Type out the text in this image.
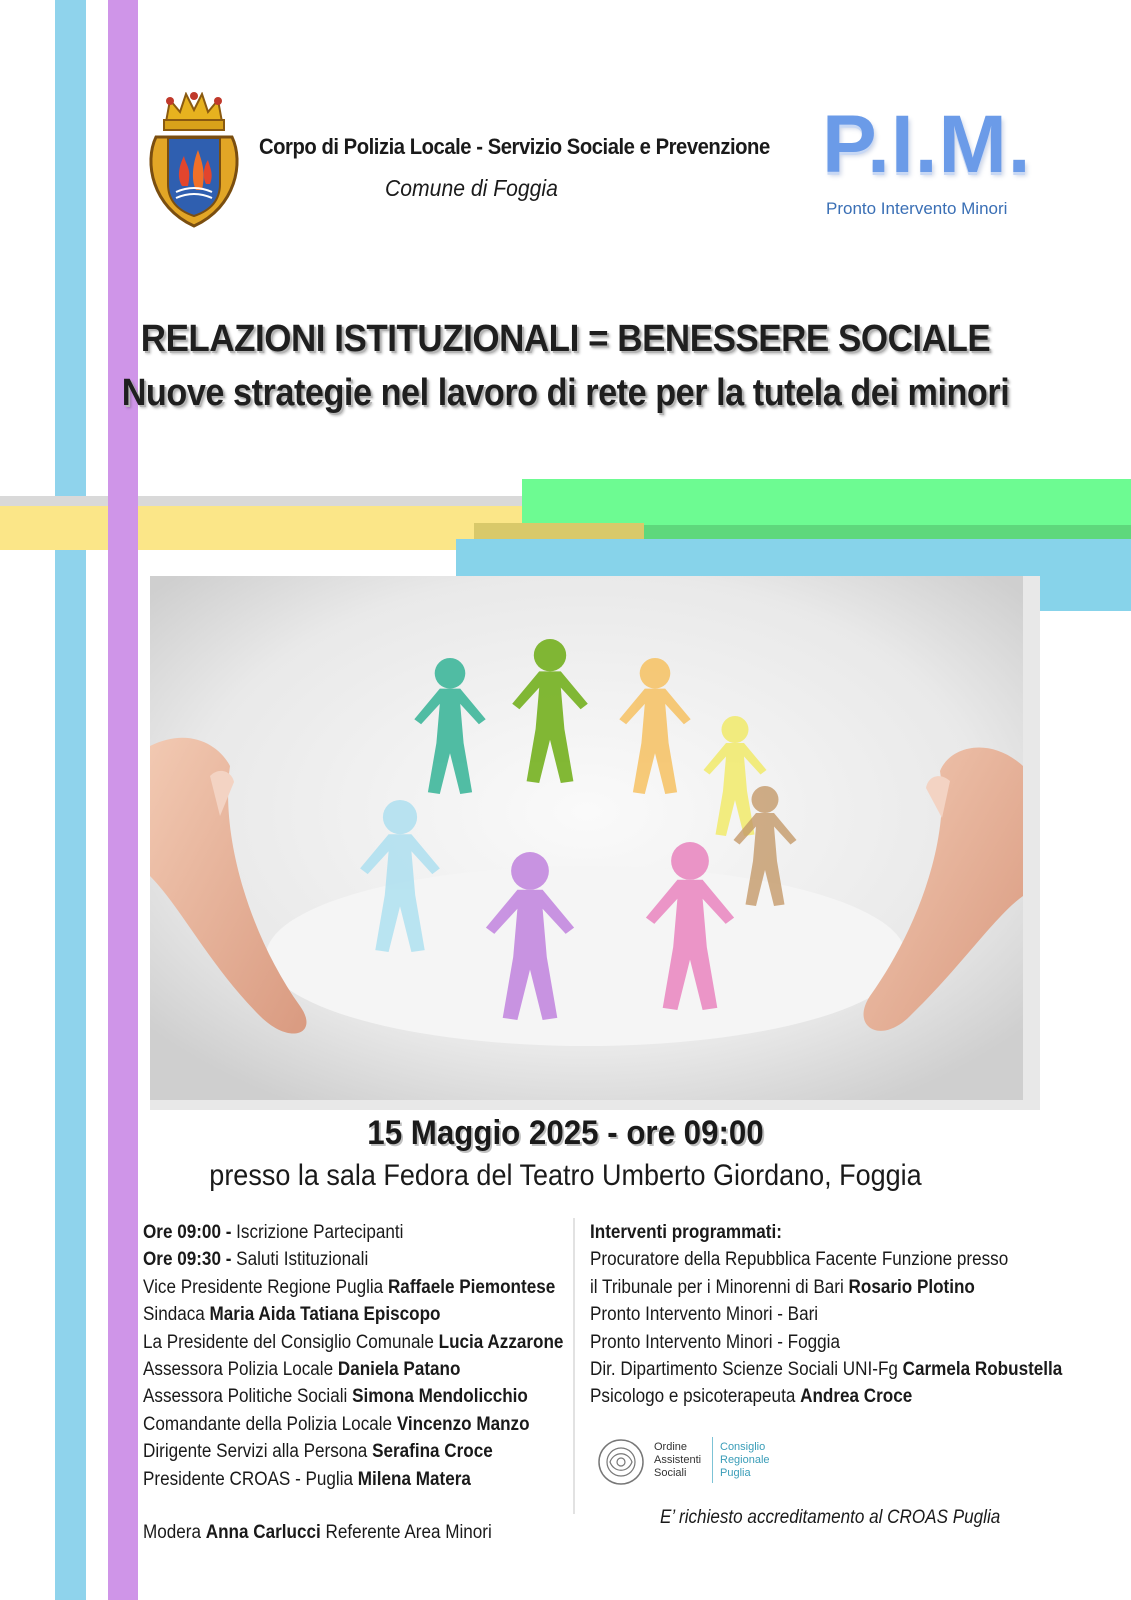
Corpo di Polizia Locale - Servizio Sociale e Prevenzione
Comune di Foggia	P.I.M.
Pronto Intervento Minori
RELAZIONI ISTITUZIONALI = BENESSERE SOCIALE
Nuove strategie nel lavoro di rete per la tutela dei minori
15 Maggio 2025 - ore 09:00
presso la sala Fedora del Teatro Umberto Giordano, Foggia
Ore 09:00 - Iscrizione Partecipanti
Ore 09:30 - Saluti Istituzionali
Vice Presidente Regione Puglia Raffaele Piemontese
Sindaca Maria Aida Tatiana Episcopo
La Presidente del Consiglio Comunale Lucia Azzarone
Assessora Polizia Locale Daniela Patano
Assessora Politiche Sociali Simona Mendolicchio
Comandante della Polizia Locale Vincenzo Manzo
Dirigente Servizi alla Persona Serafina Croce
Presidente CROAS - Puglia Milena Matera
Modera Anna Carlucci Referente Area Minori
Interventi programmati:
Procuratore della Repubblica Facente Funzione presso
il Tribunale per i Minorenni di Bari Rosario Plotino
Pronto Intervento Minori - Bari
Pronto Intervento Minori - Foggia
Dir. Dipartimento Scienze Sociali UNI-Fg Carmela Robustella
Psicologo e psicoterapeuta Andrea Croce
Ordine
Assistenti
Sociali
Consiglio
Regionale
Puglia
E’ richiesto accreditamento al CROAS Puglia
